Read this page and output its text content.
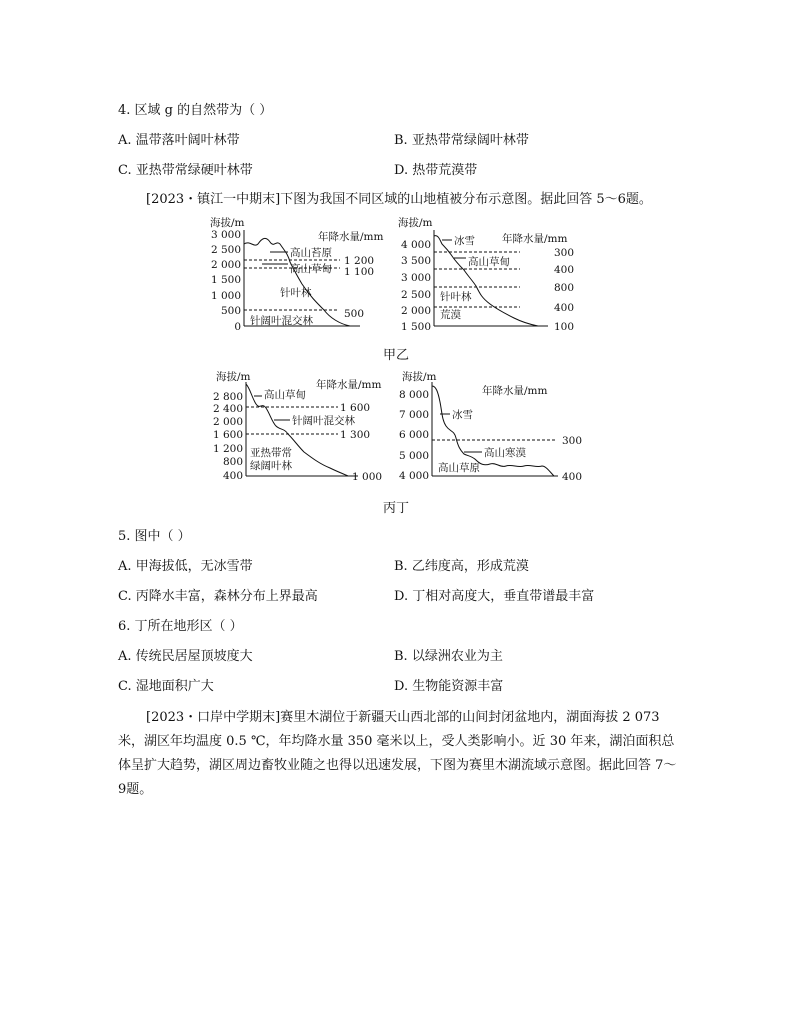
4. 区域 g 的自然带为（ ）
A. 温带落叶阔叶林带	B. 亚热带常绿阔叶林带
C. 亚热带常绿硬叶林带	D. 热带荒漠带
[2023・镇江一中期末]下图为我国不同区域的山地植被分布示意图。据此回答 5～6题。
海拔/m
年降水量/mm
3 000
2 500
2 000
1 500
1 000
500
0
1 200
1 100
500
高山苔原
高山草甸
针叶林
针阔叶混交林
海拔/m
年降水量/mm
4 000
3 500
3 000
2 500
2 000
1 500
300
400
800
400
100
冰雪
高山草甸
针叶林
荒漠
甲乙
海拔/m
年降水量/mm
2 800
2 400
2 000
1 600
1 200
800
400
1 600
1 300
1 000
高山草甸
针阔叶混交林
亚热带常
绿阔叶林
海拔/m
年降水量/mm
8 000
7 000
6 000
5 000
4 000
300
400
冰雪
高山寒漠
高山草原
丙丁
5. 图中（ ）
A. 甲海拔低，无冰雪带	B. 乙纬度高，形成荒漠
C. 丙降水丰富，森林分布上界最高	D. 丁相对高度大，垂直带谱最丰富
6. 丁所在地形区（ ）
A. 传统民居屋顶坡度大	B. 以绿洲农业为主
C. 湿地面积广大	D. 生物能资源丰富
[2023・口岸中学期末]赛里木湖位于新疆天山西北部的山间封闭盆地内，湖面海拔 2 073米，湖区年均温度 0.5 ℃，年均降水量 350 毫米以上，受人类影响小。近 30 年来，湖泊面积总体呈扩大趋势，湖区周边畜牧业随之也得以迅速发展，下图为赛里木湖流域示意图。据此回答 7～9题。
